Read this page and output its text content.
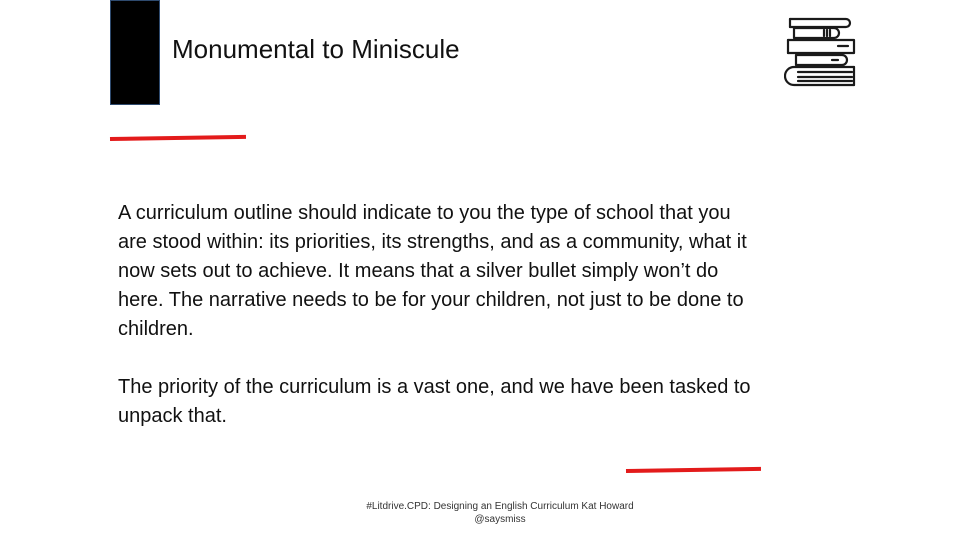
Monumental to Miniscule

A curriculum outline should indicate to you the type of school that you are stood within: its priorities, its strengths, and as a community, what it now sets out to achieve. It means that a silver bullet simply won’t do here. The narrative needs to be for your children, not just to be done to children.

The priority of the curriculum is a vast one, and we have been tasked to unpack that.

#Litdrive.CPD: Designing an English Curriculum Kat Howard
@saysmiss
